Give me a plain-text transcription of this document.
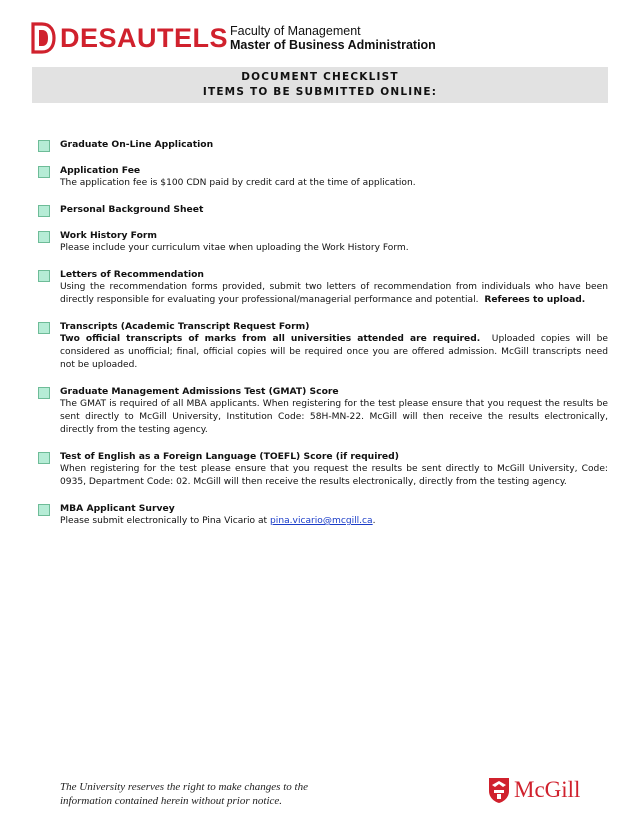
DESAUTELS Faculty of Management
Master of Business Administration
DOCUMENT CHECKLIST
ITEMS TO BE SUBMITTED ONLINE:
Graduate On-Line Application
Application Fee
The application fee is $100 CDN paid by credit card at the time of application.
Personal Background Sheet
Work History Form
Please include your curriculum vitae when uploading the Work History Form.
Letters of Recommendation
Using the recommendation forms provided, submit two letters of recommendation from individuals who have been directly responsible for evaluating your professional/managerial performance and potential. Referees to upload.
Transcripts (Academic Transcript Request Form)
Two official transcripts of marks from all universities attended are required. Uploaded copies will be considered as unofficial; final, official copies will be required once you are offered admission. McGill transcripts need not be uploaded.
Graduate Management Admissions Test (GMAT) Score
The GMAT is required of all MBA applicants. When registering for the test please ensure that you request the results be sent directly to McGill University, Institution Code: 58H-MN-22. McGill will then receive the results electronically, directly from the testing agency.
Test of English as a Foreign Language (TOEFL) Score (if required)
When registering for the test please ensure that you request the results be sent directly to McGill University, Code: 0935, Department Code: 02. McGill will then receive the results electronically, directly from the testing agency.
MBA Applicant Survey
Please submit electronically to Pina Vicario at pina.vicario@mcgill.ca.
The University reserves the right to make changes to the
information contained herein without prior notice.	McGill
